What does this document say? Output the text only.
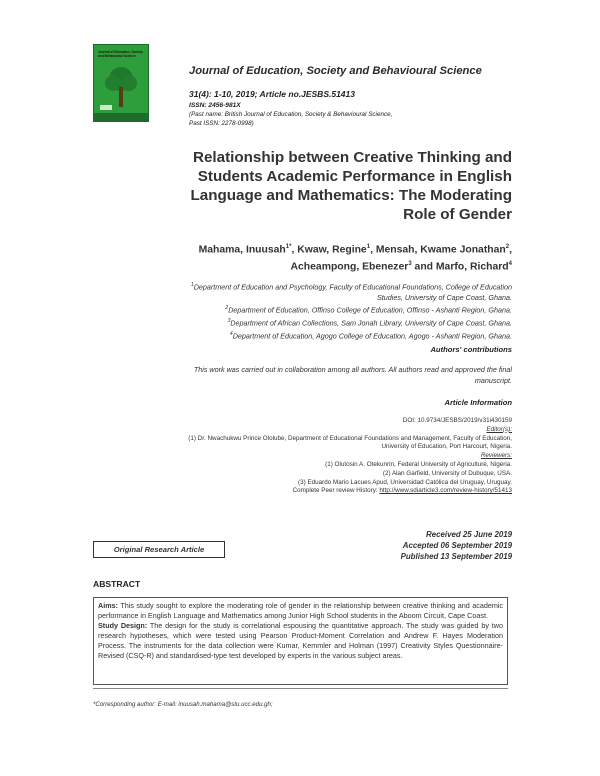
Journal of Education, Society and Behavioural Science
Journal of Education, Society and Behavioural Science
31(4): 1-10, 2019; Article no.JESBS.51413
ISSN: 2456-981X
(Past name: British Journal of Education, Society & Behavioural Science,
Past ISSN: 2278-0998)
Relationship between Creative Thinking and
Students Academic Performance in English
Language and Mathematics: The Moderating
Role of Gender
Mahama, Inuusah$^{1*}$, Kwaw, Regine$^1$, Mensah, Kwame Jonathan$^2$,
Acheampong, Ebenezer$^3$ and Marfo, Richard$^4$
$^1$Department of Education and Psychology, Faculty of Educational Foundations, College of Education
Studies, University of Cape Coast, Ghana.
$^2$Department of Education, Offinso College of Education, Offinso - Ashanti Region, Ghana.
$^3$Department of African Collections, Sam Jonah Library, University of Cape Coast, Ghana.
$^4$Department of Education, Agogo College of Education, Agogo - Ashanti Region, Ghana.
Authors' contributions
This work was carried out in collaboration among all authors. All authors read and approved the final
manuscript.
Article Information
DOI: 10.9734/JESBS/2019/v31i430159
Editor(s):
(1) Dr. Nwachukwu Prince Ololube, Department of Educational Foundations and Management, Faculty of Education,
University of Education, Port Harcourt, Nigeria.
Reviewers:
(1) Olutosin A. Otekunrin, Federal University of Agriculture, Nigeria.
(2) Alan Garfield, University of Dubuque, USA.
(3) Eduardo Mario Lacues Apud, Universidad Católica del Uruguay, Uruguay.
Complete Peer review History: http://www.sdiarticle3.com/review-history/51413
Received 25 June 2019
Accepted 06 September 2019
Published 13 September 2019
Original Research Article
ABSTRACT
Aims: This study sought to explore the moderating role of gender in the relationship between creative thinking and academic performance in English Language and Mathematics among Junior High School students in the Aboom Circuit, Cape Coast.
Study Design: The design for the study is correlational espousing the quantitative approach. The study was guided by two research hypotheses, which were tested using Pearson Product-Moment Correlation and Andrew F. Hayes Moderation Process. The instruments for the data collection were Kumar, Kemmler and Holman (1997) Creativity Styles Questionnaire-Revised (CSQ-R) and standardised-type test developed by experts in the various subject areas.
*Corresponding author: E-mail: inuusah.mahama@stu.ucc.edu.gh;
